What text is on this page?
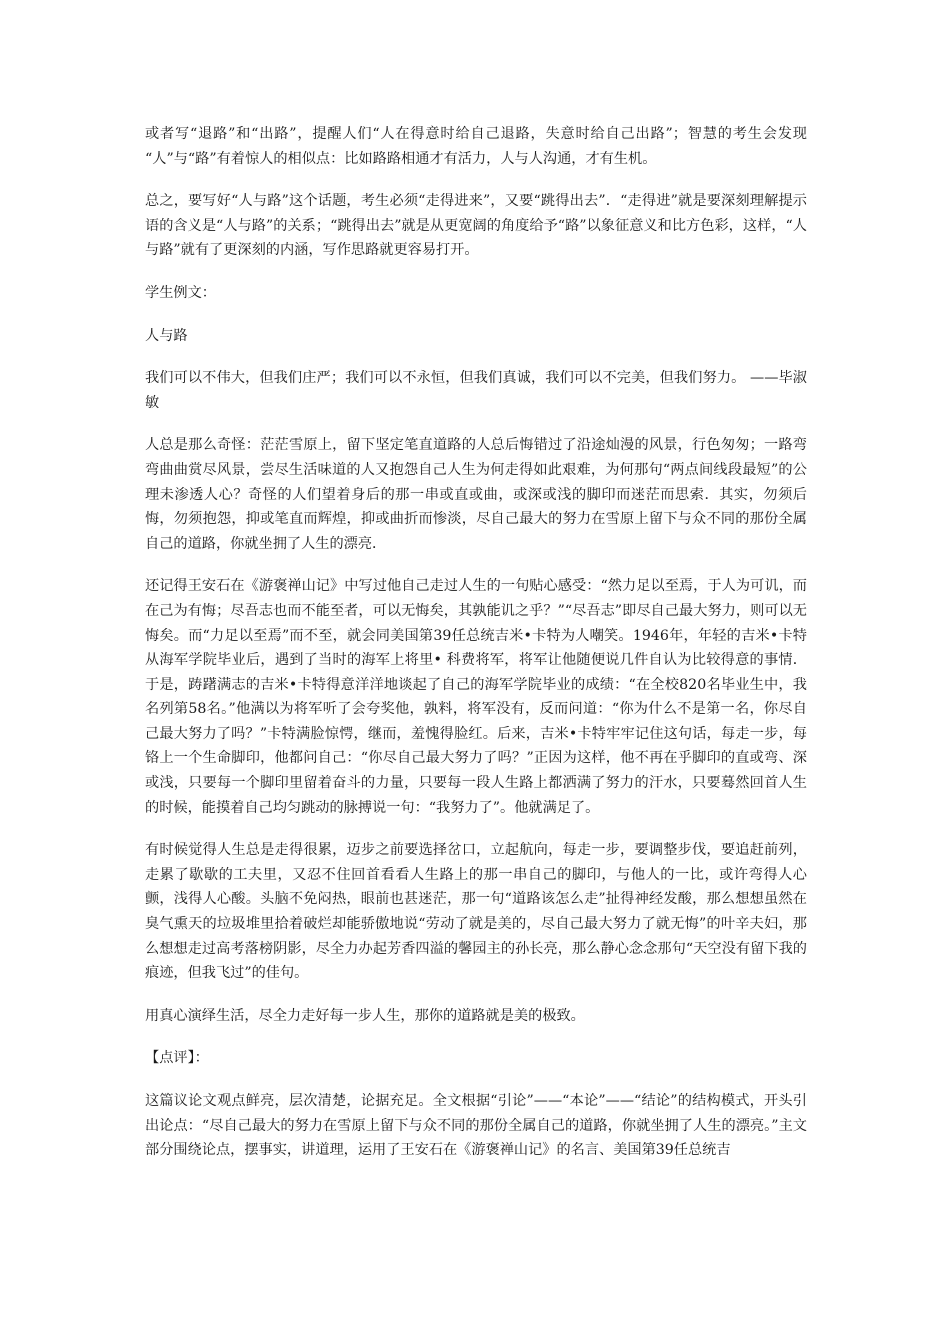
或者写“退路”和“出路”，提醒人们“人在得意时给自己退路，失意时给自己出路”；智慧的考生会发现 “人”与“路”有着惊人的相似点：比如路路相通才有活力，人与人沟通，才有生机。

总之，要写好“人与路”这个话题，考生必须“走得进来”，又要“跳得出去”．“走得进”就是要深刻理解提示语的含义是“人与路”的关系；“跳得出去”就是从更宽阔的角度给予“路”以象征意义和比方色彩，这样，“人与路”就有了更深刻的内涵，写作思路就更容易打开。

学生例文：

人与路

我们可以不伟大，但我们庄严；我们可以不永恒，但我们真诚，我们可以不完美，但我们努力。 ——毕淑敏

人总是那么奇怪：茫茫雪原上，留下坚定笔直道路的人总后悔错过了沿途灿漫的风景，行色匆匆；一路弯弯曲曲赏尽风景，尝尽生活味道的人又抱怨自己人生为何走得如此艰难，为何那句“两点间线段最短”的公理未渗透人心？奇怪的人们望着身后的那一串或直或曲，或深或浅的脚印而迷茫而思索．其实，勿须后悔，勿须抱怨，抑或笔直而辉煌，抑或曲折而惨淡，尽自己最大的努力在雪原上留下与众不同的那份全属自己的道路，你就坐拥了人生的漂亮．

还记得王安石在《游褒禅山记》中写过他自己走过人生的一句贴心感受：“然力足以至焉，于人为可讥，而在己为有悔；尽吾志也而不能至者，可以无悔矣，其孰能讥之乎？”“尽吾志”即尽自己最大努力，则可以无悔矣。而“力足以至焉”而不至，就会同美国第39任总统吉米•卡特为人嘲笑。1946年，年轻的吉米•卡特从海军学院毕业后，遇到了当时的海军上将里• 科费将军，将军让他随便说几件自认为比较得意的事情．于是，踌躇满志的吉米•卡特得意洋洋地谈起了自己的海军学院毕业的成绩：“在全校820名毕业生中，我名列第58名。”他满以为将军听了会夸奖他，孰料，将军没有，反而问道：“你为什么不是第一名，你尽自己最大努力了吗？”卡特满脸惊愕，继而，羞愧得脸红。后来，吉米•卡特牢牢记住这句话，每走一步，每铬上一个生命脚印，他都问自己：“你尽自己最大努力了吗？”正因为这样，他不再在乎脚印的直或弯、深或浅，只要每一个脚印里留着奋斗的力量，只要每一段人生路上都洒满了努力的汗水，只要蓦然回首人生的时候，能摸着自己均匀跳动的脉搏说一句：“我努力了”。他就满足了。

有时候觉得人生总是走得很累，迈步之前要选择岔口，立起航向，每走一步，要调整步伐，要追赶前列，走累了歇歇的工夫里，又忍不住回首看看人生路上的那一串自己的脚印，与他人的一比，或许弯得人心颤，浅得人心酸。头脑不免闷热，眼前也甚迷茫，那一句“道路该怎么走”扯得神经发酸，那么想想虽然在臭气熏天的垃圾堆里拾着破烂却能骄傲地说“劳动了就是美的，尽自己最大努力了就无悔”的叶辛夫妇，那么想想走过高考落榜阴影，尽全力办起芳香四溢的馨园主的孙长亮，那么静心念念那句“天空没有留下我的痕迹，但我飞过”的佳句。

用真心演绎生活，尽全力走好每一步人生，那你的道路就是美的极致。

【点评】：

这篇议论文观点鲜亮，层次清楚，论据充足。全文根据“引论”——“本论”——“结论”的结构模式，开头引出论点：“尽自己最大的努力在雪原上留下与众不同的那份全属自己的道路，你就坐拥了人生的漂亮。”主文部分围绕论点，摆事实，讲道理，运用了王安石在《游褒禅山记》的名言、美国第39任总统吉
